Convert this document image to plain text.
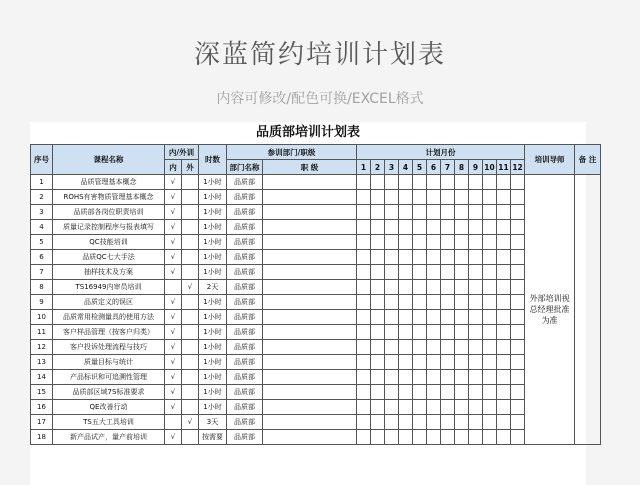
深蓝简约培训计划表
内容可修改/配色可换/EXCEL格式
品质部培训计划表
序号	课程名称	内/外训		时数	参训部门/职级		计划月份												培训导师	备 注
		内	外		部门名称	职 级	1	2	3	4	5	6	7	8	9	10	11	12		
1	品质管理基本概念	√		1小时	品质部														外部培训视总经理批准为准	
2	ROHS有害物质管理基本概念	√		1小时	品质部															
3	品质部各岗位职责培训	√		1小时	品质部															
4	质量记录控制程序与报表填写	√		1小时	品质部															
5	QC技能培训	√		1小时	品质部															
6	品质QC七大手法	√		1小时	品质部															
7	抽样技术及方案	√		1小时	品质部															
8	TS16949内审员培训		√	2天	品质部															
9	品质定义的误区	√		1小时	品质部															
10	品质常用检测量具的使用方法	√		1小时	品质部															
11	客户样品管理（按客户归类）	√		1小时	品质部															
12	客户投诉处理流程与技巧	√		1小时	品质部															
13	质量目标与统计	√		1小时	品质部															
14	产品标识和可追溯性管理	√		1小时	品质部															
15	品质部区域7S标准要求	√		1小时	品质部															
16	QE改善行动	√		1小时	品质部															
17	TS五大工具培训		√	3天	品质部															
18	新产品试产，量产前培训	√		按需要	品质部															
